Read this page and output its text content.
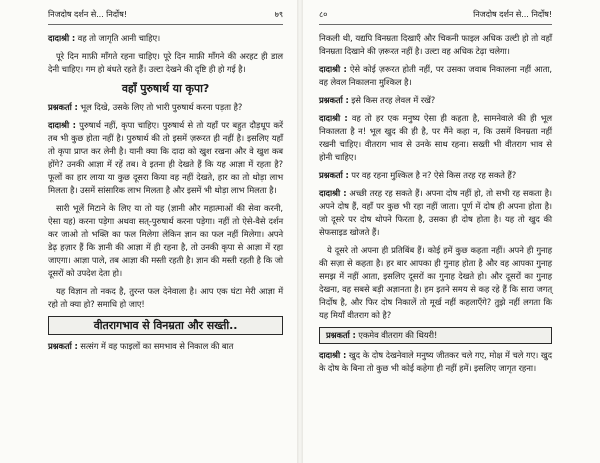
निजदोष दर्शन से... निर्दोष!	७९

दादाश्री : वह तो जागृति आनी चाहिए।

पूरे दिन माफ़ी माँगते रहना चाहिए। पूरे दिन माफ़ी माँगने की अरहट ही डाल देनी चाहिए। गम हो बंधते रहते हैं। उल्टा देखने की दृष्टि ही हो गई है।

वहाँ पुरुषार्थ या कृपा?

प्रश्नकर्ता : भूल दिखे, उसके लिए तो भारी पुरुषार्थ करना पड़ता है?

दादाश्री : पुरुषार्थ नहीं, कृपा चाहिए। पुरुषार्थ से तो यहाँ पर बहुत दौड़धूप करें तब भी कुछ होता नहीं है। पुरुषार्थ की तो इसमें ज़रूरत ही नहीं है। इसलिए यहाँ तो कृपा प्राप्त कर लेनी है। यानी क्या कि दादा को खुश रखना और वे खुश कब होंगे? उनकी आज्ञा में रहें तब। वे इतना ही देखते हैं कि यह आज्ञा में रहता है? फूलों का हार लाया या कुछ दूसरा किया वह नहीं देखते, हार का तो थोड़ा लाभ मिलता है। उसमें सांसारिक लाभ मिलता है और इसमें भी थोड़ा लाभ मिलता है।

सारी भूलें मिटाने के लिए या तो यह (ज्ञानी और महात्माओं की सेवा करनी, ऐसा यह) करना पड़ेगा अथवा सत्-पुरुषार्थ करना पड़ेगा। नहीं तो ऐसे-वैसे दर्शन कर जाओ तो भक्ति का फल मिलेगा लेकिन ज्ञान का फल नहीं मिलेगा। अपने डेढ़ हज़ार हैं कि ज्ञानी की आज्ञा में ही रहना है, तो उनकी कृपा से आज्ञा में रहा जाएगा। आज्ञा पाले, तब आज्ञा की मस्ती रहती है। ज्ञान की मस्ती रहती है कि जो दूसरों को उपदेश देता हो।

यह विज्ञान तो नकद है, तुरन्त फल देनेवाला है। आप एक घंटा मेरी आज्ञा में रहो तो क्या हो? समाधि हो जाए!

वीतरागभाव से विनम्रता और सख्ती..

प्रश्नकर्ता : सत्संग में वह फाइलों का समभाव से निकाल की बात

८०	निजदोष दर्शन से... निर्दोष!

निकली थी, यद्यपि विनम्रता दिखाएँ और चिकनी फाइल अधिक उल्टी हो तो वहाँ विनम्रता दिखाने की ज़रूरत नहीं है। उल्टा वह अधिक टेढ़ा चलेगा।

दादाश्री : ऐसे कोई ज़रूरत होती नहीं, पर उसका जवाब निकालना नहीं आता, वह लेवल निकालना मुश्किल है।

प्रश्नकर्ता : इसे किस तरह लेवल में रखें?

दादाश्री : वह तो हर एक मनुष्य ऐसा ही कहता है, सामनेवाले की ही भूल निकालता है न! भूल खुद की ही है, पर मैंने कहा न, कि उसमें विनम्रता नहीं रखनी चाहिए। वीतराग भाव से उनके साथ रहना। सख्ती भी वीतराग भाव से होनी चाहिए।

प्रश्नकर्ता : पर वह रहना मुश्किल है न? ऐसे किस तरह रह सकते हैं?

दादाश्री : अच्छी तरह रह सकते हैं। अपना दोष नहीं हो, तो सभी रह सकता है। अपने दोष हैं, वहाँ पर कुछ भी रहा नहीं जाता। पूर्ण में दोष ही अपना होता है। जो दूसरे पर दोष थोपने फिरता है, उसका ही दोष होता है। यह तो खुद की सेफसाइड खोजते हैं।

ये दूसरे तो अपना ही प्रतिबिंब हैं। कोई हमें कुछ कहता नहीं। अपने ही गुनाह की सज़ा से कहता है। हर बार आपका ही गुनाह होता है और वह आपका गुनाह समझ में नहीं आता, इसलिए दूसरों का गुनाह देखते हो। और दूसरों का गुनाह देखना, वह सबसे बड़ी अज्ञानता है। हम इतने समय से कह रहे हैं कि सारा जगत् निर्दोष है, और फिर दोष निकालें तो मूर्ख नहीं कहलाएँगे? तुझे नहीं लगता कि यह मियाँ वीतराग को है?

प्रश्नकर्ता : एकमेव वीतराग की थियरी!

दादाश्री : खुद के दोष देखनेवाले मनुष्य जीतकर चले गए, मोक्ष में चले गए। खुद के दोष के बिना तो कुछ भी कोई कहेगा ही नहीं हमें। इसलिए जागृत रहना।
